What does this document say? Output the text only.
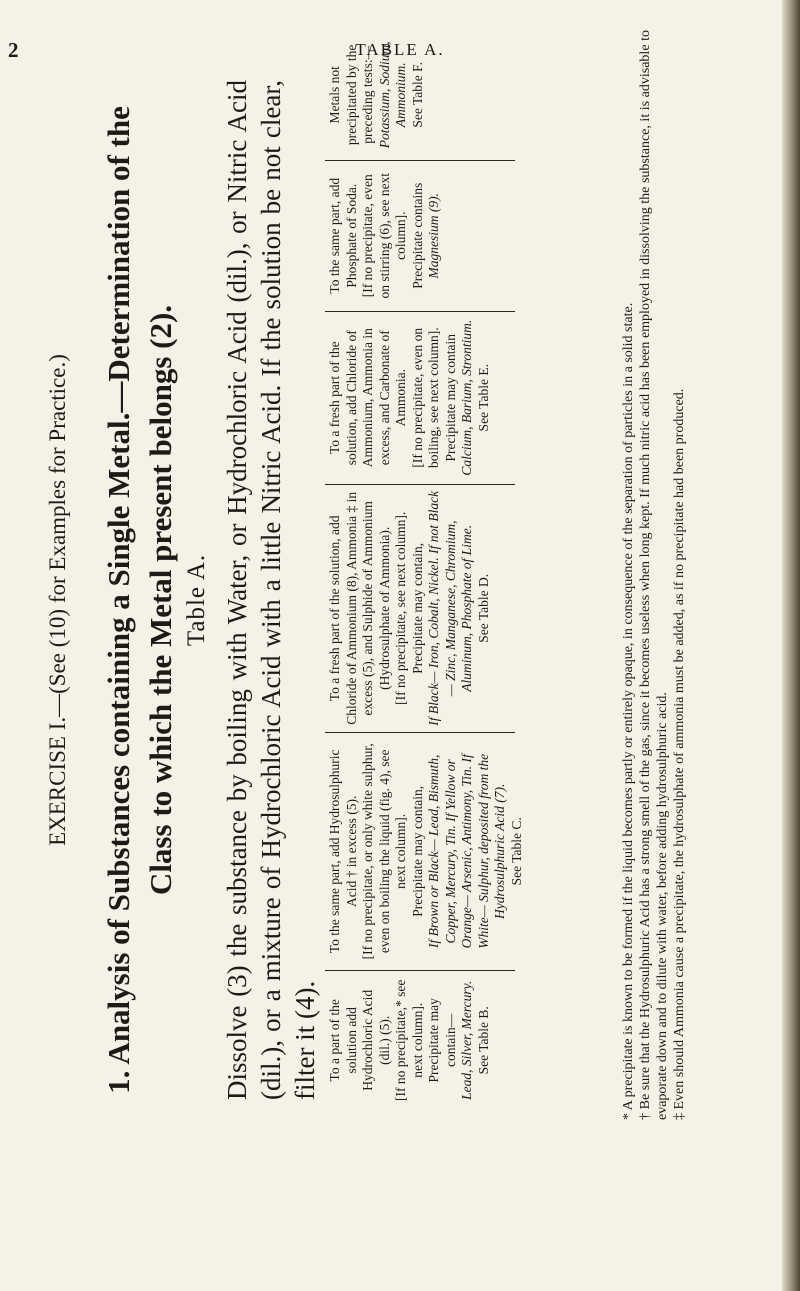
2	TABLE A.
EXERCISE I.—(See (10) for Examples for Practice.) 1. Analysis of Substances containing a Single Metal.—Determination of the Class to which the Metal present belongs (2). Table A. Dissolve (3) the substance by boiling with Water, or Hydrochloric Acid (dil.), or Nitric Acid (dil.), or a mixture of Hydrochloric Acid with a little Nitric Acid. If the solution be not clear, filter it (4). To a part of the solution add Hydrochloric Acid (dil.) (5). [If no precipitate,* see next column]. Precipitate may contain— Lead, Silver, Mercury. See Table B.

To the same part, add Hydrosulphuric Acid † in excess (5). [If no precipitate, or only white sulphur, even on boiling the liquid (fig. 4), see next column]. Precipitate may contain, If Brown or Black— Lead, Bismuth, Copper, Mercury, Tin. If Yellow or Orange— Arsenic, Antimony, Tin. If White— Sulphur, deposited from the Hydrosulphuric Acid (7). See Table C.

To a fresh part of the solution, add Chloride of Ammonium (8), Ammonia ‡ in excess (5), and Sulphide of Ammonium (Hydrosulphate of Ammonia). [If no precipitate, see next column]. Precipitate may contain, If Black— Iron, Cobalt, Nickel. If not Black— Zinc, Manganese, Chromium, Aluminum, Phosphate of Lime. See Table D.

To a fresh part of the solution, add Chloride of Ammonium, Ammonia in excess, and Carbonate of Ammonia. [If no precipitate, even on boiling, see next column]. Precipitate may contain Calcium, Barium, Strontium. See Table E.

To the same part, add Phosphate of Soda. [If no precipitate, even on stirring (6), see next column]. Precipitate contains Magnesium (9).

Metals not precipitated by the preceding tests:— Potassium, Sodium, Ammonium. See Table F.

* A precipitate is known to be formed if the liquid becomes partly or entirely opaque, in consequence of the separation of particles in a solid state. † Be sure that the Hydrosulphuric Acid has a strong smell of the gas, since it becomes useless when long kept. If much nitric acid has been employed in dissolving the substance, it is advisable to evaporate down and to dilute with water, before adding hydrosulphuric acid. ‡ Even should Ammonia cause a precipitate, the hydrosulphate of ammonia must be added, as if no precipitate had been produced.
